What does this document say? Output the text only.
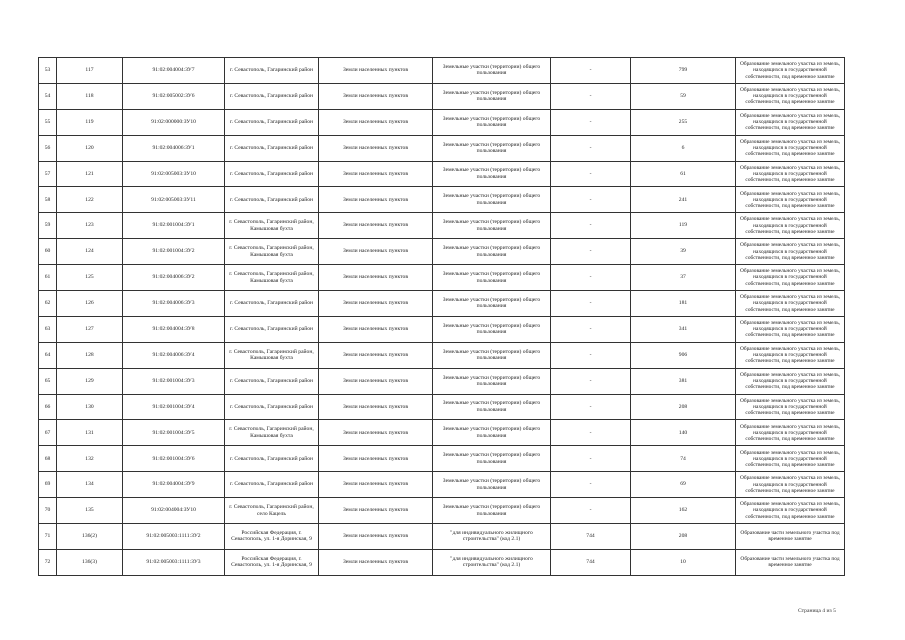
53	117	91:02:004004:ЗУ7	г. Севастополь, Гагаринский район	Земли населенных пунктов	Земельные участки (территории) общего пользования	-	799	Образование земельного участка из земель, находящихся в государственной собственности, под временное занятие
54	118	91:02:005002:ЗУ6	г. Севастополь, Гагаринский район	Земли населенных пунктов	Земельные участки (территории) общего пользования	-	59	Образование земельного участка из земель, находящихся в государственной собственности, под временное занятие
55	119	91:02:000000:ЗУ10	г. Севастополь, Гагаринский район	Земли населенных пунктов	Земельные участки (территории) общего пользования	-	255	Образование земельного участка из земель, находящихся в государственной собственности, под временное занятие
56	120	91:02:004006:ЗУ1	г. Севастополь, Гагаринский район	Земли населенных пунктов	Земельные участки (территории) общего пользования	-	6	Образование земельного участка из земель, находящихся в государственной собственности, под временное занятие
57	121	91:02:005003:ЗУ10	г. Севастополь, Гагаринский район	Земли населенных пунктов	Земельные участки (территории) общего пользования	-	61	Образование земельного участка из земель, находящихся в государственной собственности, под временное занятие
58	122	91:02:005003:ЗУ11	г. Севастополь, Гагаринский район	Земли населенных пунктов	Земельные участки (территории) общего пользования	-	241	Образование земельного участка из земель, находящихся в государственной собственности, под временное занятие
59	123	91:02:001004:ЗУ1	г. Севастополь, Гагаринский район, Камышовая бухта	Земли населенных пунктов	Земельные участки (территории) общего пользования	-	119	Образование земельного участка из земель, находящихся в государственной собственности, под временное занятие
60	124	91:02:001004:ЗУ2	г. Севастополь, Гагаринский район, Камышовая бухта	Земли населенных пунктов	Земельные участки (территории) общего пользования	-	39	Образование земельного участка из земель, находящихся в государственной собственности, под временное занятие
61	125	91:02:004006:ЗУ2	г. Севастополь, Гагаринский район, Камышовая бухта	Земли населенных пунктов	Земельные участки (территории) общего пользования	-	37	Образование земельного участка из земель, находящихся в государственной собственности, под временное занятие
62	126	91:02:004006:ЗУ3	г. Севастополь, Гагаринский район	Земли населенных пунктов	Земельные участки (территории) общего пользования	-	181	Образование земельного участка из земель, находящихся в государственной собственности, под временное занятие
63	127	91:02:004004:ЗУ8	г. Севастополь, Гагаринский район	Земли населенных пунктов	Земельные участки (территории) общего пользования	-	341	Образование земельного участка из земель, находящихся в государственной собственности, под временное занятие
64	128	91:02:004006:ЗУ4	г. Севастополь, Гагаринский район, Камышовая бухта	Земли населенных пунктов	Земельные участки (территории) общего пользования	-	906	Образование земельного участка из земель, находящихся в государственной собственности, под временное занятие
65	129	91:02:001004:ЗУ3	г. Севастополь, Гагаринский район	Земли населенных пунктов	Земельные участки (территории) общего пользования	-	381	Образование земельного участка из земель, находящихся в государственной собственности, под временное занятие
66	130	91:02:001004:ЗУ4	г. Севастополь, Гагаринский район	Земли населенных пунктов	Земельные участки (территории) общего пользования	-	208	Образование земельного участка из земель, находящихся в государственной собственности, под временное занятие
67	131	91:02:001004:ЗУ5	г. Севастополь, Гагаринский район, Камышовая бухта	Земли населенных пунктов	Земельные участки (территории) общего пользования	-	140	Образование земельного участка из земель, находящихся в государственной собственности, под временное занятие
68	132	91:02:001004:ЗУ6	г. Севастополь, Гагаринский район	Земли населенных пунктов	Земельные участки (территории) общего пользования	-	74	Образование земельного участка из земель, находящихся в государственной собственности, под временное занятие
69	134	91:02:004004:ЗУ9	г. Севастополь, Гагаринский район	Земли населенных пунктов	Земельные участки (территории) общего пользования	-	69	Образование земельного участка из земель, находящихся в государственной собственности, под временное занятие
70	135	91:02:004004:ЗУ10	г. Севастополь, Гагаринский район, село Кацель	Земли населенных пунктов	Земельные участки (территории) общего пользования	-	162	Образование земельного участка из земель, находящихся в государственной собственности, под временное занятие
71	136(2)	91:02:005003:1111:ЗУ2	Российская Федерация, г. Севастополь, ул. 1-я Доринская, 9	Земли населенных пунктов	"для индивидуального жилищного строительства" (код 2.1)	744	208	Образование части земельного участка под временное занятие
72	136(3)	91:02:005003:1111:ЗУ3	Российская Федерация, г. Севастополь, ул. 1-я Доринская, 9	Земли населенных пунктов	"для индивидуального жилищного строительства" (код 2.1)	744	10	Образование части земельного участка под временное занятие
Страница 4 из 5
